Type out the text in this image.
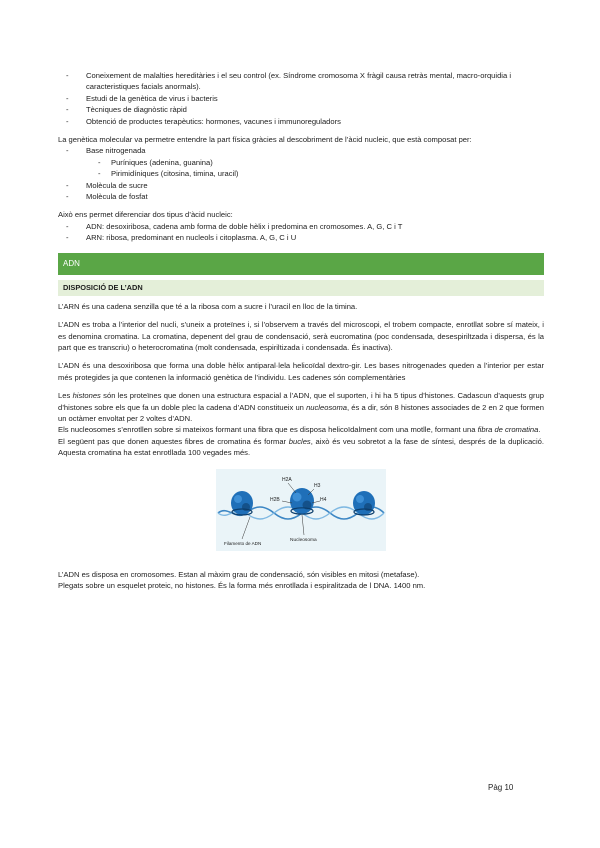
- Coneixement de malalties hereditàries i el seu control (ex. Síndrome cromosoma X fràgil causa retràs mental, macro-orquidia i caracteristiques facials anormals).
- Estudi de la genètica de virus i bacteris
- Tècniques de diagnòstic ràpid
- Obtenció de productes terapèutics: hormones, vacunes i immunoreguladors

La genètica molecular va permetre entendre la part física gràcies al descobriment de l’àcid nucleic, que està composat per:

- Base nitrogenada
- Puríniques (adenina, guanina)
- Pirimidíniques (citosina, timina, uracil)
- Molècula de sucre
- Molècula de fosfat

Això ens permet diferenciar dos tipus d’àcid nucleic:

- ADN: desoxiribosa, cadena amb forma de doble hèlix i predomina en cromosomes. A, G, C i T
- ARN: ribosa, predominant en nucleols i citoplasma. A, G, C i U
ADN
DISPOSICIÓ DE L’ADN

L’ARN és una cadena senzilla que té a la ribosa com a sucre i l’uracil en lloc de la timina.

L’ADN es troba a l’interior del nucli, s’uneix a proteïnes i, si l’observem a través del microscopi, el trobem compacte, enrotllat sobre sí mateix, i es denomina cromatina. La cromatina, depenent del grau de condensació, serà eucromatina (poc condensada, desespiriltzada i dispersa, és la part que es transcriu) o heterocromatina (molt condensada, espiriltizada i condensada. És inactiva).

L’ADN és una desoxiribosa que forma una doble hèlix antiparal·lela helicoïdal dextro-gir. Les bases nitrogenades queden a l’interior per estar més protegides ja que contenen la informació genètica de l’individu. Les cadenes són complementàries

Les histones són les proteïnes que donen una estructura espacial a l’ADN, que el suporten, i hi ha 5 tipus d’histones. Cadascun d’aquests grup d’histones sobre els que fa un doble plec la cadena d’ADN constitueix un nucleosoma, és a dir, són 8 histones associades de 2 en 2 que formen un octàmer envoltat per 2 voltes d’ADN.

Els nucleosomes s’enrotllen sobre si mateixos formant una fibra que es disposa helicoïdalment com una motlle, formant una fibra de cromatina.

El següent pas que donen aquestes fibres de cromatina és formar bucles, això és veu sobretot a la fase de síntesi, després de la duplicació. Aquesta cromatina ha estat enrotllada 100 vegades més.

H2A
H3
H2B	H4
Filamento de ADN
Nucleosoma

L’ADN es disposa en cromosomes. Estan al màxim grau de condensació, són visibles en mitosi (metafase).

Plegats sobre un esquelet proteic, no histones. És la forma més enrotllada i espiralitzada de l DNA. 1400 nm.

Pàg 10
